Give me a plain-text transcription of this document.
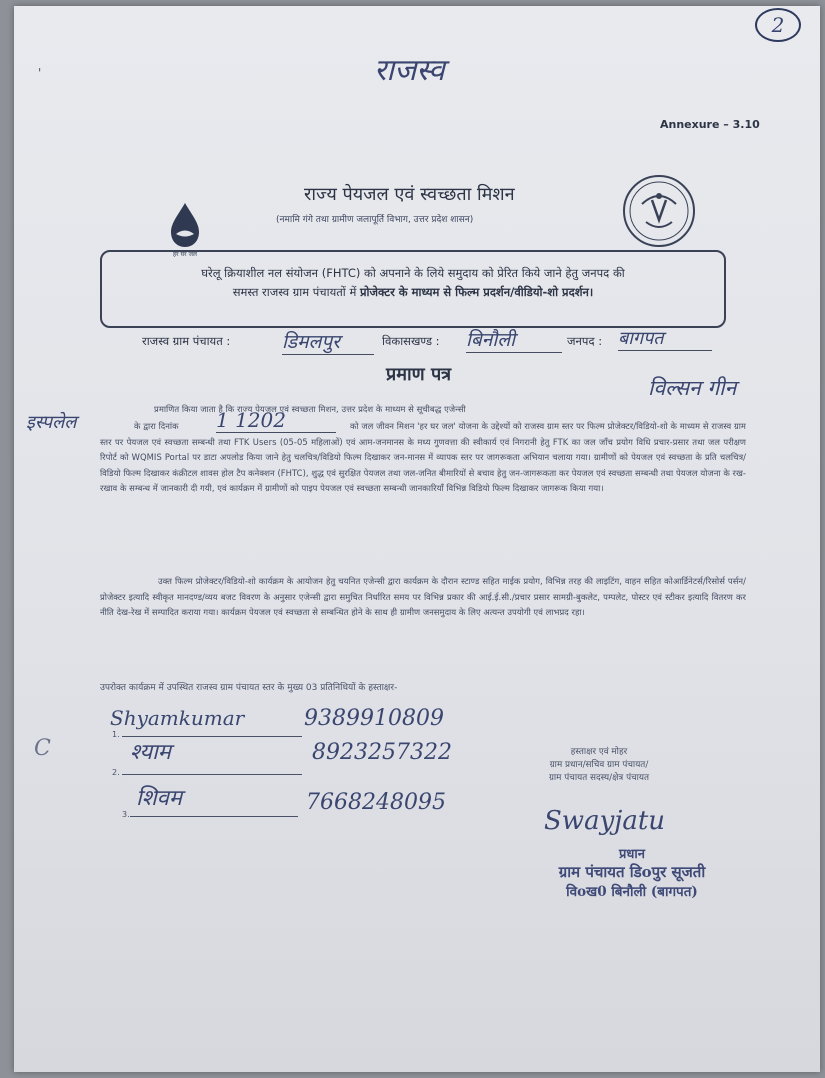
'
2
राजस्व
Annexure – 3.10
हर घर जल
राज्य पेयजल एवं स्वच्छता मिशन
(नमामि गंगे तथा ग्रामीण जलापूर्ति विभाग, उत्तर प्रदेश शासन)
घरेलू क्रियाशील नल संयोजन (FHTC) को अपनाने के लिये समुदाय को प्रेरित किये जाने हेतु जनपद की
समस्त राजस्व ग्राम पंचायतों में प्रोजेक्टर के माध्यम से फिल्म प्रदर्शन/वीडियो-शो प्रदर्शन।
राजस्व ग्राम पंचायत :	डिमलपुर	विकासखण्ड : बिनौली	जनपद : बागपत
प्रमाण पत्र
प्रमाणित किया जाता है कि राज्य पेयजल एवं स्वच्छता मिशन, उत्तर प्रदेश के माध्यम से सूचीबद्ध एजेन्सी
विल्सन गीन
इस्पलेल	के द्वारा दिनांक	1 1202	को जल जीवन मिशन 'हर घर जल' योजना के उद्देश्यों को राजस्व ग्राम स्तर पर फिल्म प्रोजेक्टर/विडियो-शो के माध्यम से राजस्व ग्राम स्तर पर पेयजल एवं स्वच्छता सम्बन्धी तथा FTK Users (05-05 महिलाओं) एवं आम-जनमानस के मध्य गुणवत्ता की स्वीकार्य एवं निगरानी हेतु FTK का जल जाँच प्रयोग विधि प्रचार-प्रसार तथा जल परीक्षण रिपोर्ट को WQMIS Portal पर डाटा अपलोड किया जाने हेतु चलचित्र/विडियो फिल्म दिखाकर जन-मानस में व्यापक स्तर पर जागरूकता अभियान चलाया गया। ग्रामीणों को पेयजल एवं स्वच्छता के प्रति चलचित्र/विडियो फिल्म दिखाकर कंक्रीटल शावस होल टैप कनेक्शन (FHTC), शुद्ध एवं सुरक्षित पेयजल तथा जल-जनित बीमारियों से बचाव हेतु जन-जागरूकता कर पेयजल एवं स्वच्छता सम्बन्धी तथा पेयजल योजना के रख-रखाव के सम्बन्ध में जानकारी दी गयी, एवं कार्यक्रम में ग्रामीणों को पाइप पेयजल एवं स्वच्छता सम्बन्धी जानकारियाँ विभिन्न विडियो फिल्म दिखाकर जागरूक किया गया।
उक्त फिल्म प्रोजेक्टर/विडियो-शो कार्यक्रम के आयोजन हेतु चयनित एजेन्सी द्वारा कार्यक्रम के दौरान स्टाण्ड सहित माईक प्रयोग, विभिन्न तरह की लाइटिंग, वाहन सहित कोआर्डिनेटर्स/रिसोर्स पर्सन/प्रोजेक्टर इत्यादि स्वीकृत मानदण्ड/व्यय बजट विवरण के अनुसार एजेन्सी द्वारा समुचित निर्धारित समय पर विभिन्न प्रकार की आई.ई.सी./प्रचार प्रसार सामग्री-बुकलेट, पम्पलेट, पोस्टर एवं स्टीकर इत्यादि वितरण कर नीति देख-रेख में सम्पादित कराया गया। कार्यक्रम पेयजल एवं स्वच्छता से सम्बन्धित होने के साथ ही ग्रामीण जनसमुदाय के लिए अत्यन्त उपयोगी एवं लाभप्रद रहा।
उपरोक्त कार्यक्रम में उपस्थित राजस्व ग्राम पंचायत स्तर के मुख्य 03 प्रतिनिधियों के हस्ताक्षर-
1.
Shyamkumar	9389910809
2.
श्याम	8923257322
3.
शिवम	7668248095
C	हस्ताक्षर एवं मोहर
ग्राम प्रधान/सचिव ग्राम पंचायत/
ग्राम पंचायत सदस्य/क्षेत्र पंचायत
Swayjatu
प्रधान
ग्राम पंचायत डिoपुर सूजती
विoख0 बिनौली (बागपत)
